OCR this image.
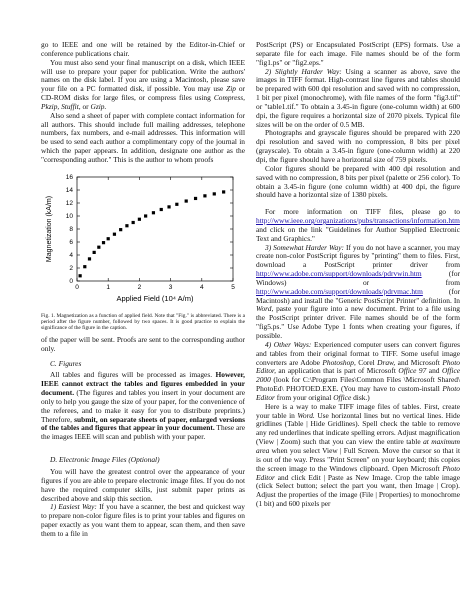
go to IEEE and one will be retained by the Editor-in-Chief or conference publications chair.

You must also send your final manuscript on a disk, which IEEE will use to prepare your paper for publication. Write the authors' names on the disk label. If you are using a Macintosh, please save your file on a PC formatted disk, if possible. You may use Zip or CD-ROM disks for large files, or compress files using Compress, Pkzip, Stuffit, or Gzip.

Also send a sheet of paper with complete contact information for all authors. This should include full mailing addresses, telephone numbers, fax numbers, and e-mail addresses. This information will be used to send each author a complimentary copy of the journal in which the paper appears. In addition, designate one author as the "corresponding author." This is the author to whom proofs

0	1	2	3	4	5
0
2
4
6
8
10
12
14
16
Applied Field (10⁴ A/m)
Magnetization (kA/m)

Fig. 1. Magnetization as a function of applied field. Note that "Fig." is abbreviated. There is a period after the figure number, followed by two spaces. It is good practice to explain the significance of the figure in the caption.

of the paper will be sent. Proofs are sent to the corresponding author only.

C. Figures

All tables and figures will be processed as images. However, IEEE cannot extract the tables and figures embedded in your document. (The figures and tables you insert in your document are only to help you gauge the size of your paper, for the convenience of the referees, and to make it easy for you to distribute preprints.) Therefore, submit, on separate sheets of paper, enlarged versions of the tables and figures that appear in your document. These are the images IEEE will scan and publish with your paper.

D. Electronic Image Files (Optional)

You will have the greatest control over the appearance of your figures if you are able to prepare electronic image files. If you do not have the required computer skills, just submit paper prints as described above and skip this section.

1) Easiest Way: If you have a scanner, the best and quickest way to prepare non-color figure files is to print your tables and figures on paper exactly as you want them to appear, scan them, and then save them to a file in

PostScript (PS) or Encapsulated PostScript (EPS) formats. Use a separate file for each image. File names should be of the form "fig1.ps" or "fig2.eps."

2) Slightly Harder Way: Using a scanner as above, save the images in TIFF format. High-contrast line figures and tables should be prepared with 600 dpi resolution and saved with no compression, 1 bit per pixel (monochrome), with file names of the form "fig3.tif" or "table1.tif." To obtain a 3.45-in figure (one-column width) at 600 dpi, the figure requires a horizontal size of 2070 pixels. Typical file sizes will be on the order of 0.5 MB.

Photographs and grayscale figures should be prepared with 220 dpi resolution and saved with no compression, 8 bits per pixel (grayscale). To obtain a 3.45-in figure (one-column width) at 220 dpi, the figure should have a horizontal size of 759 pixels.

Color figures should be prepared with 400 dpi resolution and saved with no compression, 8 bits per pixel (palette or 256 color). To obtain a 3.45-in figure (one column width) at 400 dpi, the figure should have a horizontal size of 1380 pixels.

For more information on TIFF files, please go to http://www.ieee.org/organizations/pubs/transactions/information.htm and click on the link "Guidelines for Author Supplied Electronic Text and Graphics."

3) Somewhat Harder Way: If you do not have a scanner, you may create non-color PostScript figures by "printing" them to files. First, download a PostScript printer driver from http://www.adobe.com/support/downloads/pdrvwin.htm (for Windows) or from http://www.adobe.com/support/downloads/pdrvmac.htm (for Macintosh) and install the "Generic PostScript Printer" definition. In Word, paste your figure into a new document. Print to a file using the PostScript printer driver. File names should be of the form "fig5.ps." Use Adobe Type 1 fonts when creating your figures, if possible.

4) Other Ways: Experienced computer users can convert figures and tables from their original format to TIFF. Some useful image converters are Adobe Photoshop, Corel Draw, and Microsoft Photo Editor, an application that is part of Microsoft Office 97 and Office 2000 (look for C:\Program Files\Common Files \Microsoft Shared\ PhotoEd\ PHOTOED.EXE. (You may have to custom-install Photo Editor from your original Office disk.)

Here is a way to make TIFF image files of tables. First, create your table in Word. Use horizontal lines but no vertical lines. Hide gridlines (Table | Hide Gridlines). Spell check the table to remove any red underlines that indicate spelling errors. Adjust magnification (View | Zoom) such that you can view the entire table at maximum area when you select View | Full Screen. Move the cursor so that it is out of the way. Press "Print Screen" on your keyboard; this copies the screen image to the Windows clipboard. Open Microsoft Photo Editor and click Edit | Paste as New Image. Crop the table image (click Select button; select the part you want, then Image | Crop). Adjust the properties of the image (File | Properties) to monochrome (1 bit) and 600 pixels per
